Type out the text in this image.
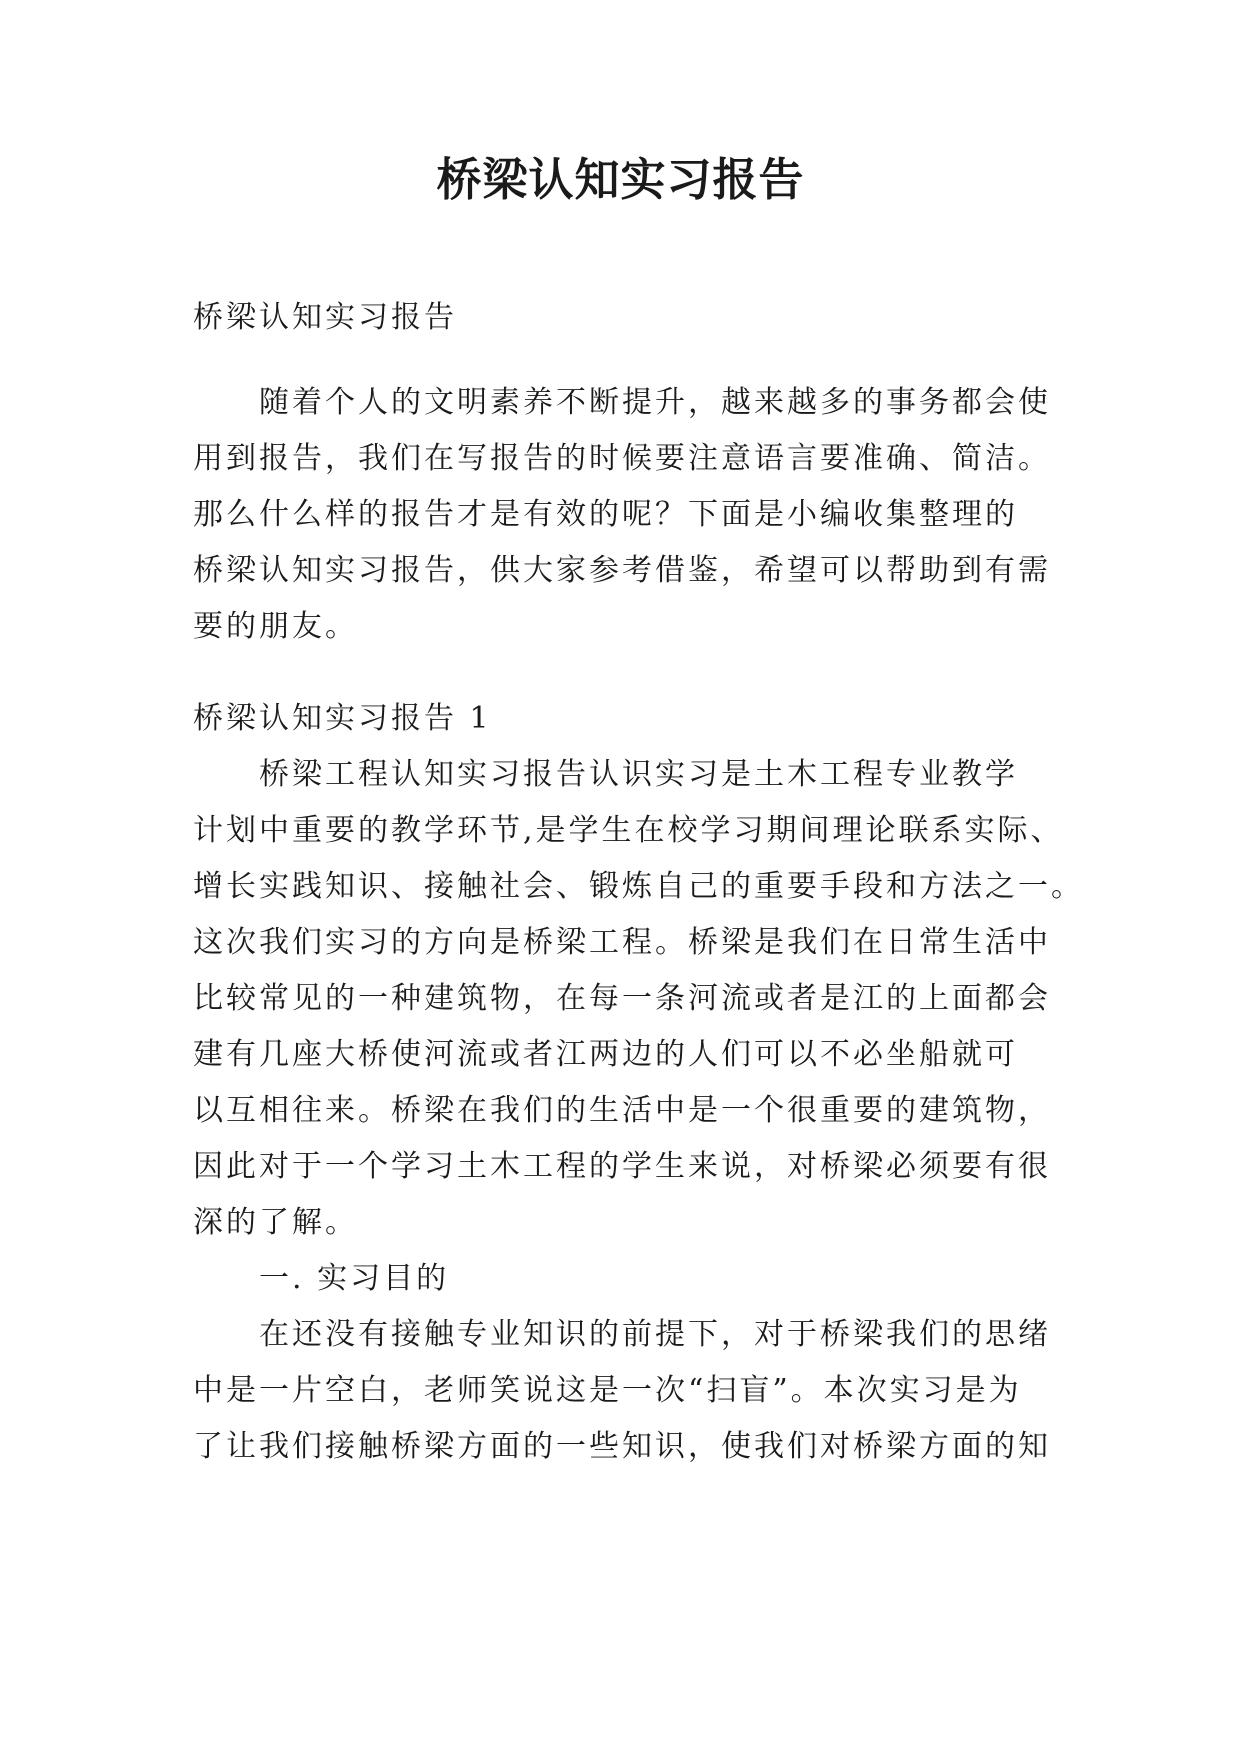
桥梁认知实习报告
桥梁认知实习报告
随着个人的文明素养不断提升，越来越多的事务都会使
用到报告，我们在写报告的时候要注意语言要准确、简洁。
那么什么样的报告才是有效的呢？下面是小编收集整理的
桥梁认知实习报告，供大家参考借鉴，希望可以帮助到有需
要的朋友。
桥梁认知实习报告 1
桥梁工程认知实习报告认识实习是土木工程专业教学
计划中重要的教学环节,是学生在校学习期间理论联系实际、
增长实践知识、接触社会、锻炼自己的重要手段和方法之一。
这次我们实习的方向是桥梁工程。桥梁是我们在日常生活中
比较常见的一种建筑物，在每一条河流或者是江的上面都会
建有几座大桥使河流或者江两边的人们可以不必坐船就可
以互相往来。桥梁在我们的生活中是一个很重要的建筑物，
因此对于一个学习土木工程的学生来说，对桥梁必须要有很
深的了解。
一. 实习目的
在还没有接触专业知识的前提下，对于桥梁我们的思绪
中是一片空白，老师笑说这是一次“扫盲”。本次实习是为
了让我们接触桥梁方面的一些知识，使我们对桥梁方面的知
